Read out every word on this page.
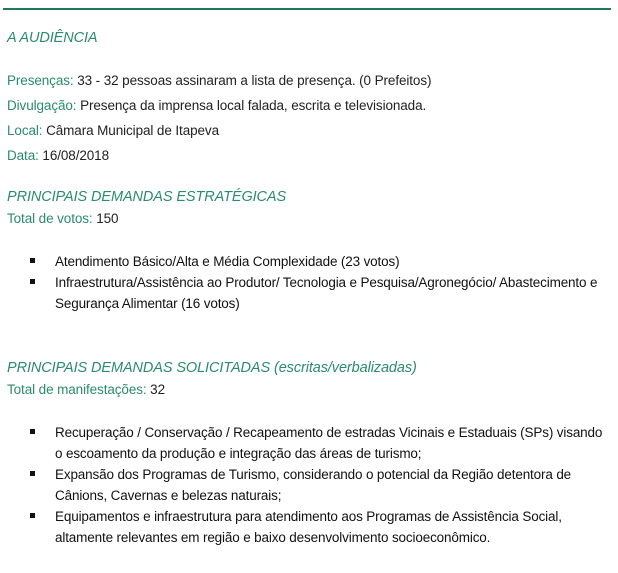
A AUDIÊNCIA
Presenças: 33 - 32 pessoas assinaram a lista de presença. (0 Prefeitos)
Divulgação: Presença da imprensa local falada, escrita e televisionada.
Local: Câmara Municipal de Itapeva
Data: 16/08/2018
PRINCIPAIS DEMANDAS ESTRATÉGICAS
Total de votos: 150
Atendimento Básico/Alta e Média Complexidade (23 votos)
Infraestrutura/Assistência ao Produtor/ Tecnologia e Pesquisa/Agronegócio/ Abastecimento e Segurança Alimentar (16 votos)
PRINCIPAIS DEMANDAS SOLICITADAS (escritas/verbalizadas)
Total de manifestações: 32
Recuperação / Conservação / Recapeamento de estradas Vicinais e Estaduais (SPs) visando o escoamento da produção e integração das áreas de turismo;
Expansão dos Programas de Turismo, considerando o potencial da Região detentora de Cânions, Cavernas e belezas naturais;
Equipamentos e infraestrutura para atendimento aos Programas de Assistência Social, altamente relevantes em região e baixo desenvolvimento socioeconômico.
